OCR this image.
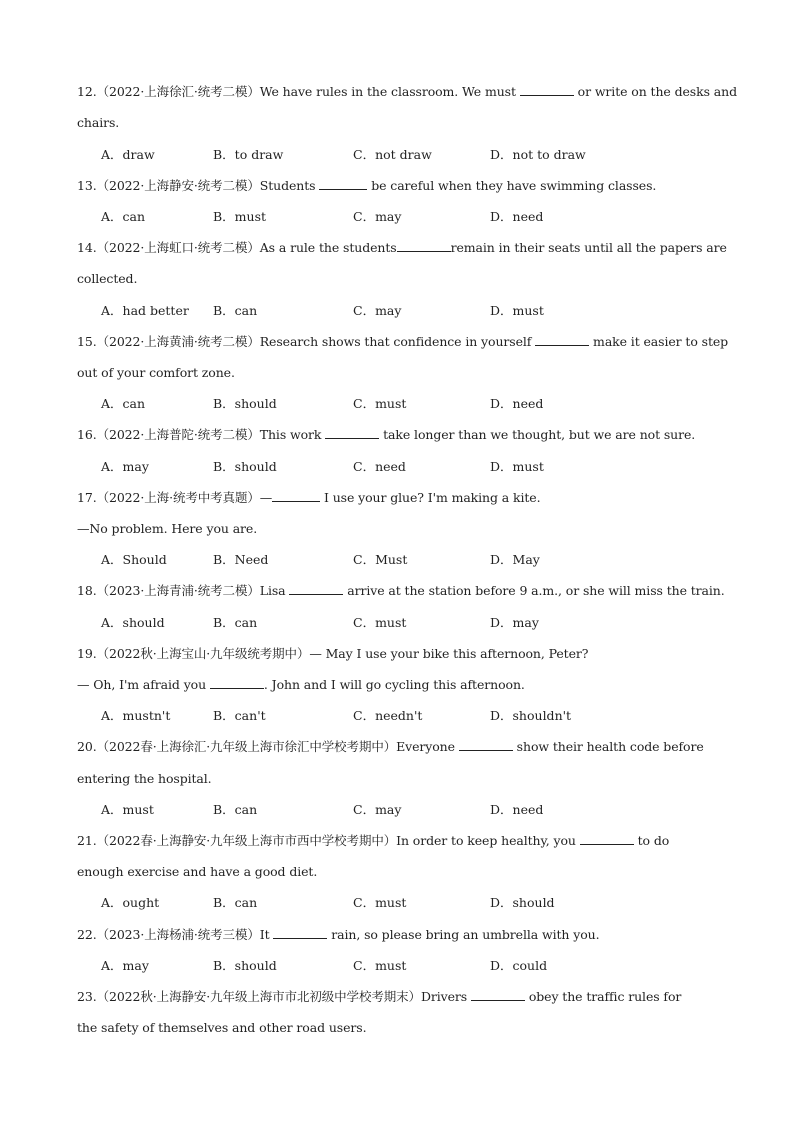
12.（2022·上海徐汇·统考二模）We have rules in the classroom. We must	or write on the desks and
chairs.
A．draw	B．to draw	C．not draw	D．not to draw
13.（2022·上海静安·统考二模）Students	be careful when they have swimming classes.
A．can	B．must	C．may	D．need
14.（2022·上海虹口·统考二模）As a rule the students	remain in their seats until all the papers are
collected.
A．had better B．can	C．may	D．must
15.（2022·上海黄浦·统考二模）Research shows that confidence in yourself	make it easier to step
out of your comfort zone.
A．can	B．should	C．must	D．need
16.（2022·上海普陀·统考二模）This work	take longer than we thought, but we are not sure.
A．may	B．should	C．need	D．must
17.（2022·上海·统考中考真题）—	I use your glue? I'm making a kite.
—No problem. Here you are.
A．Should	B．Need	C．Must	D．May
18.（2023·上海青浦·统考二模）Lisa	arrive at the station before 9 a.m., or she will miss the train.
A．should	B．can	C．must	D．may
19.（2022秋·上海宝山·九年级统考期中）— May I use your bike this afternoon, Peter?
— Oh, I'm afraid you	. John and I will go cycling this afternoon.
A．mustn't	B．can't	C．needn't	D．shouldn't
20.（2022春·上海徐汇·九年级上海市徐汇中学校考期中）Everyone	show their health code before
entering the hospital.
A．must	B．can	C．may	D．need
21.（2022春·上海静安·九年级上海市市西中学校考期中）In order to keep healthy, you	to do
enough exercise and have a good diet.
A．ought	B．can	C．must	D．should
22.（2023·上海杨浦·统考三模）It	rain, so please bring an umbrella with you.
A．may	B．should	C．must	D．could
23.（2022秋·上海静安·九年级上海市市北初级中学校考期末）Drivers	obey the traffic rules for
the safety of themselves and other road users.
